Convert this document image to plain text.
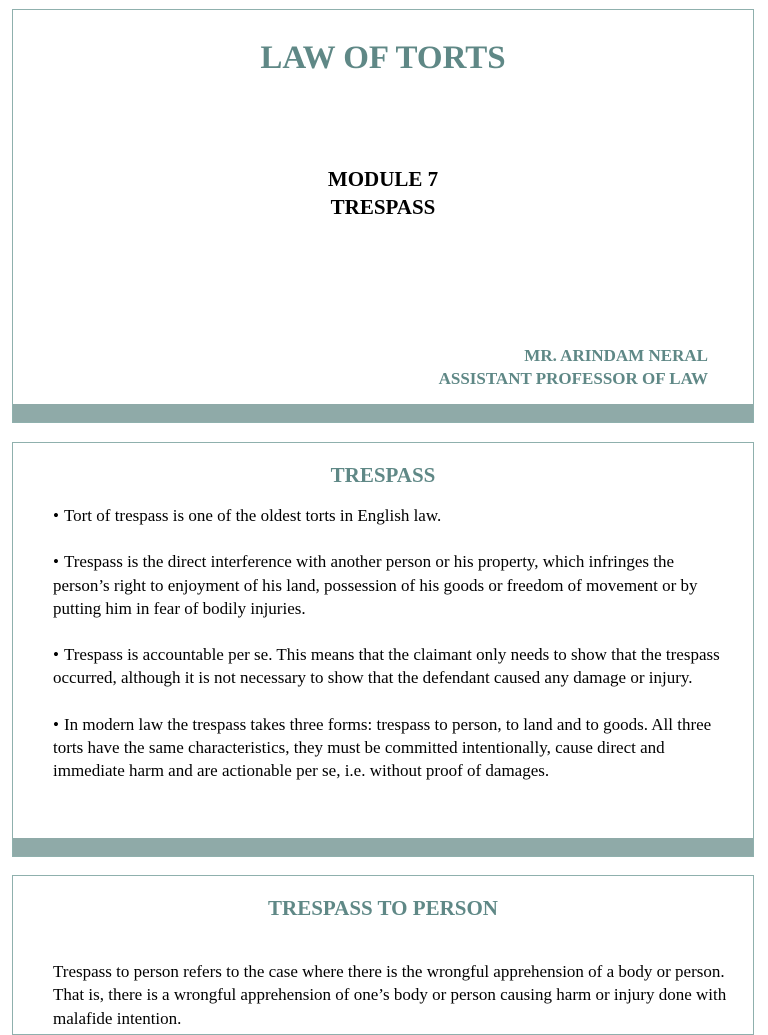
LAW OF TORTS
MODULE 7
TRESPASS
MR. ARINDAM NERAL
ASSISTANT PROFESSOR OF LAW
TRESPASS
• Tort of trespass is one of the oldest torts in English law.
• Trespass is the direct interference with another person or his property, which infringes the person’s right to enjoyment of his land, possession of his goods or freedom of movement or by putting him in fear of bodily injuries.
• Trespass is accountable per se. This means that the claimant only needs to show that the trespass occurred, although it is not necessary to show that the defendant caused any damage or injury.
• In modern law the trespass takes three forms: trespass to person, to land and to goods. All three torts have the same characteristics, they must be committed intentionally, cause direct and immediate harm and are actionable per se, i.e. without proof of damages.
TRESPASS TO PERSON

Trespass to person refers to the case where there is the wrongful apprehension of a body or person. That is, there is a wrongful apprehension of one’s body or person causing harm or injury done with malafide intention.
